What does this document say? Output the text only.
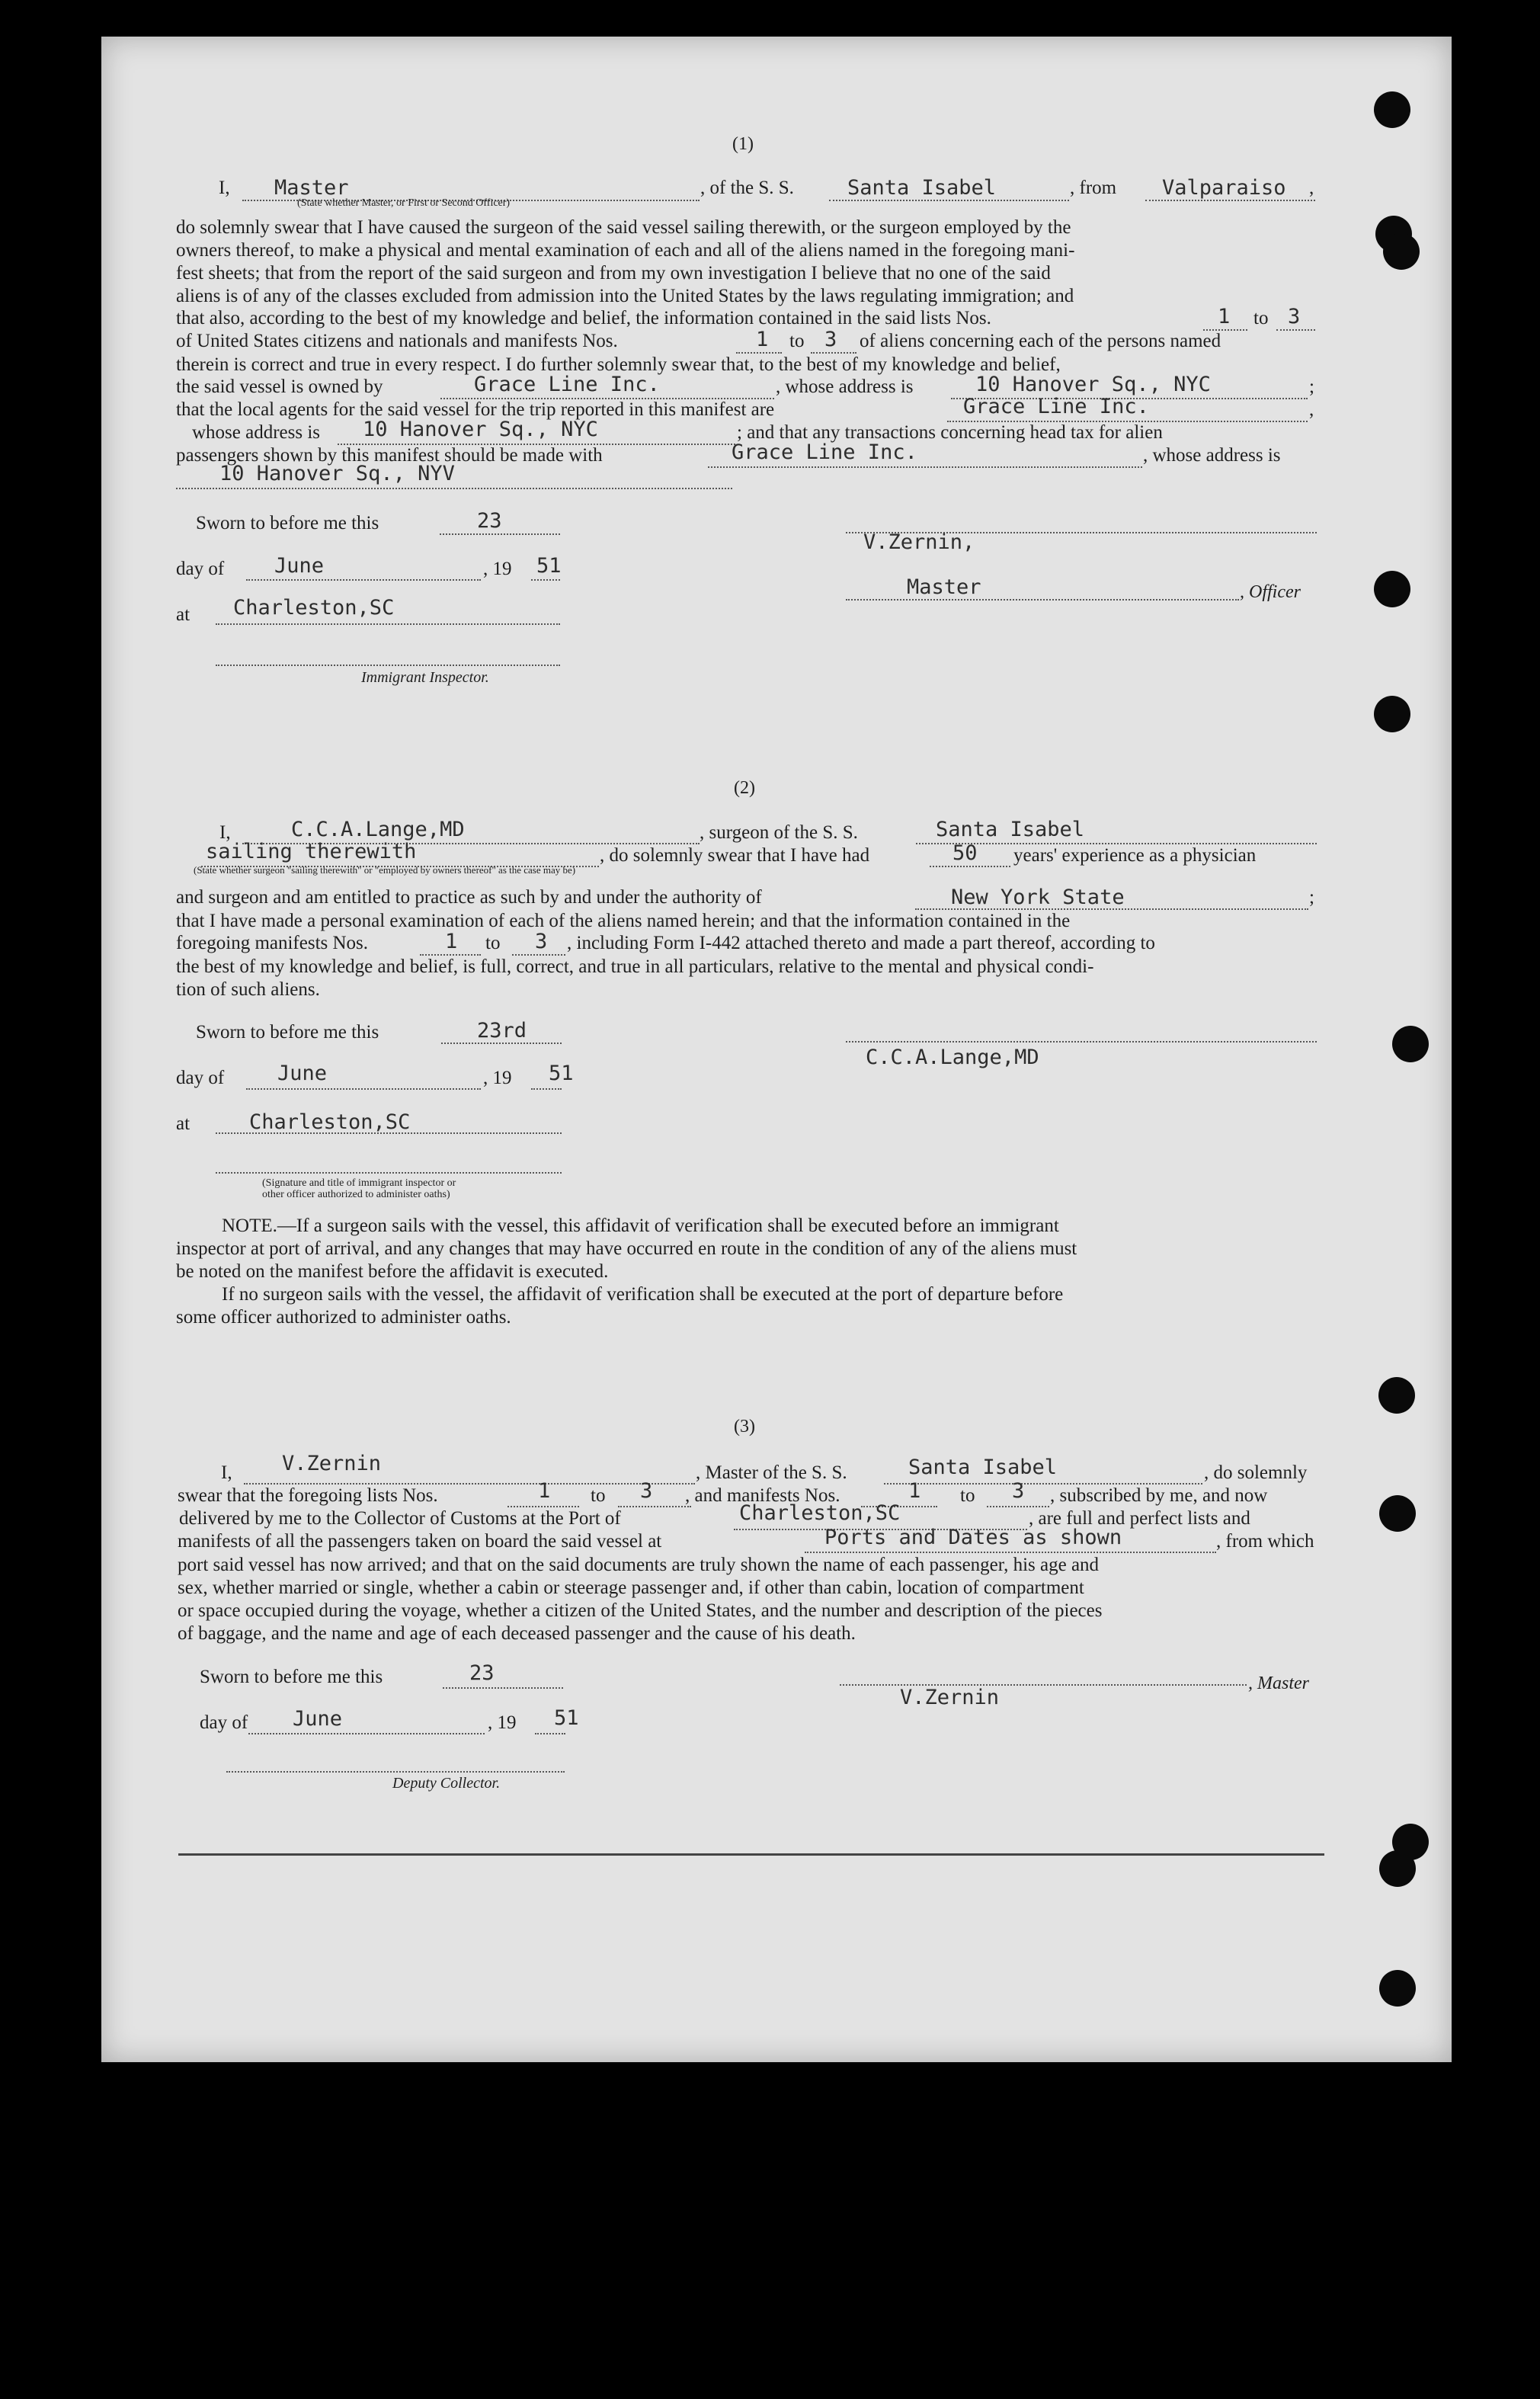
(1)
I, Master	, of the S. S.	Santa Isabel	, from Valparaiso ,
(State whether Master, or First or Second Officer)
do solemnly swear that I have caused the surgeon of the said vessel sailing therewith, or the surgeon employed by the
owners thereof, to make a physical and mental examination of each and all of the aliens named in the foregoing mani-
fest sheets; that from the report of the said surgeon and from my own investigation I believe that no one of the said
aliens is of any of the classes excluded from admission into the United States by the laws regulating immigration; and
that also, according to the best of my knowledge and belief, the information contained in the said lists Nos.	1 to 3
of United States citizens and nationals and manifests Nos.	1 to 3 of aliens concerning each of the persons named
therein is correct and true in every respect. I do further solemnly swear that, to the best of my knowledge and belief,
the said vessel is owned by	Grace Line Inc.	, whose address is	10 Hanover Sq., NYC	;
that the local agents for the said vessel for the trip reported in this manifest are	Grace Line Inc.	,
whose address is 10 Hanover Sq., NYC	; and that any transactions concerning head tax for alien
passengers shown by this manifest should be made with	Grace Line Inc.	, whose address is
10 Hanover Sq., NYV
Sworn to before me this	23
day of June	, 19 51
at Charleston,SC
Immigrant Inspector.
V.Zernin,
Master	, Officer
(2)
I,	C.C.A.Lange,MD	, surgeon of the S. S.	Santa Isabel
sailing therewith	, do solemnly swear that I have had	50 years' experience as a physician
(State whether surgeon "sailing therewith" or "employed by owners thereof" as the case may be)
and surgeon and am entitled to practice as such by and under the authority of	New York State	;
that I have made a personal examination of each of the aliens named herein; and that the information contained in the
foregoing manifests Nos.	1 to 3 , including Form I-442 attached thereto and made a part thereof, according to
the best of my knowledge and belief, is full, correct, and true in all particulars, relative to the mental and physical condi-
tion of such aliens.
Sworn to before me this	23rd
day of	June	, 19 51
at	Charleston,SC
(Signature and title of immigrant inspector or
other officer authorized to administer oaths)
C.C.A.Lange,MD
NOTE.—If a surgeon sails with the vessel, this affidavit of verification shall be executed before an immigrant
inspector at port of arrival, and any changes that may have occurred en route in the condition of any of the aliens must
be noted on the manifest before the affidavit is executed.
If no surgeon sails with the vessel, the affidavit of verification shall be executed at the port of departure before
some officer authorized to administer oaths.
(3)
I, V.Zernin	, Master of the S. S.	Santa Isabel	, do solemnly
swear that the foregoing lists Nos.	1 to 3 , and manifests Nos.	1 to 3 , subscribed by me, and now
delivered by me to the Collector of Customs at the Port of	Charleston,SC	, are full and perfect lists and
manifests of all the passengers taken on board the said vessel at	Ports and Dates as shown	, from which
port said vessel has now arrived; and that on the said documents are truly shown the name of each passenger, his age and
sex, whether married or single, whether a cabin or steerage passenger and, if other than cabin, location of compartment
or space occupied during the voyage, whether a citizen of the United States, and the number and description of the pieces
of baggage, and the name and age of each deceased passenger and the cause of his death.
Sworn to before me this	23
day of June	, 19 51
Deputy Collector.
, Master
V.Zernin
